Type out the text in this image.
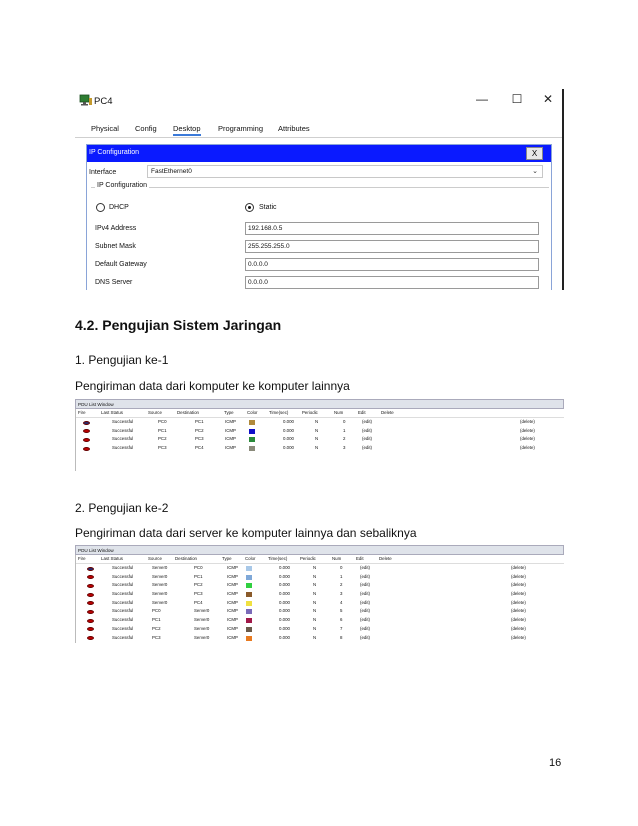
PC4	— ☐ ✕
Physical Config Desktop Programming Attributes
IP Configuration	X
Interface	FastEthernet0	⌄
IP Configuration
DHCP	Static
IPv4 Address	192.168.0.5
Subnet Mask	255.255.255.0
Default Gateway	0.0.0.0
DNS Server	0.0.0.0
4.2. Pengujian Sistem Jaringan
1. Pengujian ke-1
Pengiriman data dari komputer ke komputer lainnya
PDU List Window
Fire	Last Status	Source	Destination	Type	Color	Time(sec)	Periodic	Num	Edit	Delete
Successful	PC0	PC1	ICMP	0.000	N	0	(edit)	(delete)
Successful	PC1	PC2	ICMP	0.000	N	1	(edit)	(delete)
Successful	PC2	PC3	ICMP	0.000	N	2	(edit)	(delete)
Successful	PC3	PC4	ICMP	0.000	N	3	(edit)	(delete)
2. Pengujian ke-2
Pengiriman data dari server ke komputer lainnya dan sebaliknya
PDU List Window
Fire	Last Status	Source	Destination	Type	Color	Time(sec)	Periodic	Num	Edit	Delete
Successful	Server0	PC0	ICMP	0.000	N	0	(edit)	(delete)
Successful	Server0	PC1	ICMP	0.000	N	1	(edit)	(delete)
Successful	Server0	PC2	ICMP	0.000	N	2	(edit)	(delete)
Successful	Server0	PC3	ICMP	0.000	N	3	(edit)	(delete)
Successful	Server0	PC4	ICMP	0.000	N	4	(edit)	(delete)
Successful	PC0	Server0	ICMP	0.000	N	5	(edit)	(delete)
Successful	PC1	Server0	ICMP	0.000	N	6	(edit)	(delete)
Successful	PC2	Server0	ICMP	0.000	N	7	(edit)	(delete)
Successful	PC3	Server0	ICMP	0.000	N	8	(edit)	(delete)
16
